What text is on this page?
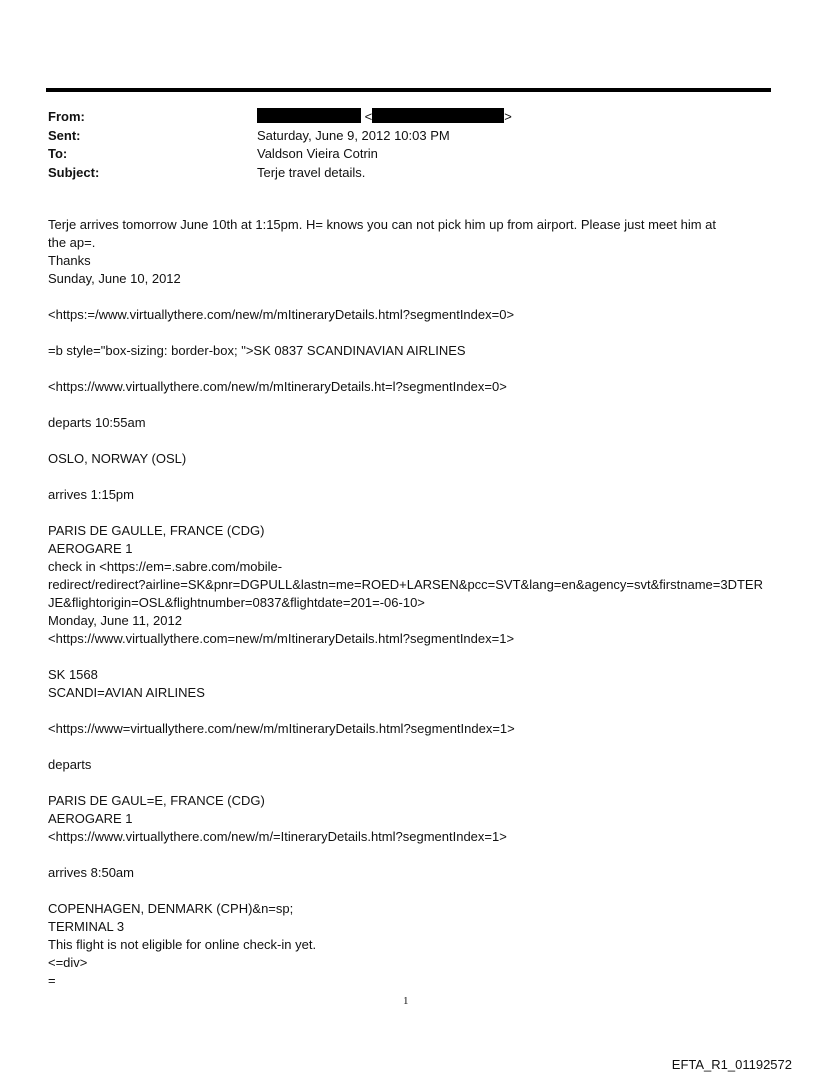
From:	<	>
Sent:	Saturday, June 9, 2012 10:03 PM
To:	Valdson Vieira Cotrin
Subject:	Terje travel details.
Terje arrives tomorrow June 10th at 1:15pm. H= knows you can not pick him up from airport. Please just meet him at
the ap=.
Thanks
Sunday, June 10, 2012
<https:=/www.virtuallythere.com/new/m/mItineraryDetails.html?segmentIndex=0>
=b style="box-sizing: border-box; ">SK 0837 SCANDINAVIAN AIRLINES
<https://www.virtuallythere.com/new/m/mItineraryDetails.ht=l?segmentIndex=0>
departs 10:55am
OSLO, NORWAY (OSL)
arrives 1:15pm
PARIS DE GAULLE, FRANCE (CDG)
AEROGARE 1
check in <https://em=.sabre.com/mobile-
redirect/redirect?airline=SK&pnr=DGPULL&lastn=me=ROED+LARSEN&pcc=SVT&lang=en&agency=svt&firstname=3DTER
JE&flightorigin=OSL&flightnumber=0837&flightdate=201=-06-10>
Monday, June 11, 2012
<https://www.virtuallythere.com=new/m/mItineraryDetails.html?segmentIndex=1>
SK 1568
SCANDI=AVIAN AIRLINES
<https://www=virtuallythere.com/new/m/mItineraryDetails.html?segmentIndex=1>
departs
PARIS DE GAUL=E, FRANCE (CDG)
AEROGARE 1
<https://www.virtuallythere.com/new/m/=ItineraryDetails.html?segmentIndex=1>
arrives 8:50am
COPENHAGEN, DENMARK (CPH)&n=sp;
TERMINAL 3
This flight is not eligible for online check-in yet.
<=div>
=
1
EFTA_R1_01192572
